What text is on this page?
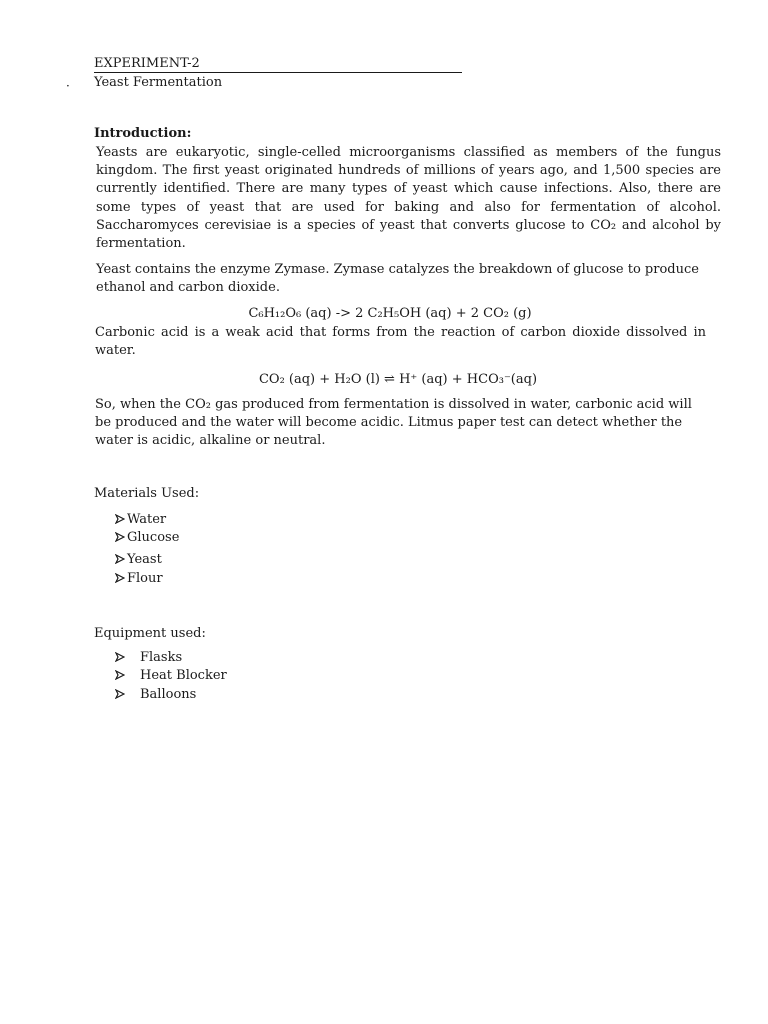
EXPERIMENT-2
· Yeast Fermentation
Introduction:
Yeasts are eukaryotic, single-celled microorganisms classified as members of the fungus kingdom. The first yeast originated hundreds of millions of years ago, and 1,500 species are currently identified. There are many types of yeast which cause infections. Also, there are some types of yeast that are used for baking and also for fermentation of alcohol. Saccharomyces cerevisiae is a species of yeast that converts glucose to CO₂ and alcohol by fermentation.
Yeast contains the enzyme Zymase. Zymase catalyzes the breakdown of glucose to produce ethanol and carbon dioxide.
C₆H₁₂O₆ (aq) -> 2 C₂H₅OH (aq) + 2 CO₂ (g)
Carbonic acid is a weak acid that forms from the reaction of carbon dioxide dissolved in water.
CO₂ (aq) + H₂O (l) ⇌ H⁺ (aq) + HCO₃⁻(aq)
So, when the CO₂ gas produced from fermentation is dissolved in water, carbonic acid will be produced and the water will become acidic. Litmus paper test can detect whether the water is acidic, alkaline or neutral.
Materials Used:
Water
Glucose
Yeast
Flour
Equipment used:
Flasks
Heat Blocker
Balloons
